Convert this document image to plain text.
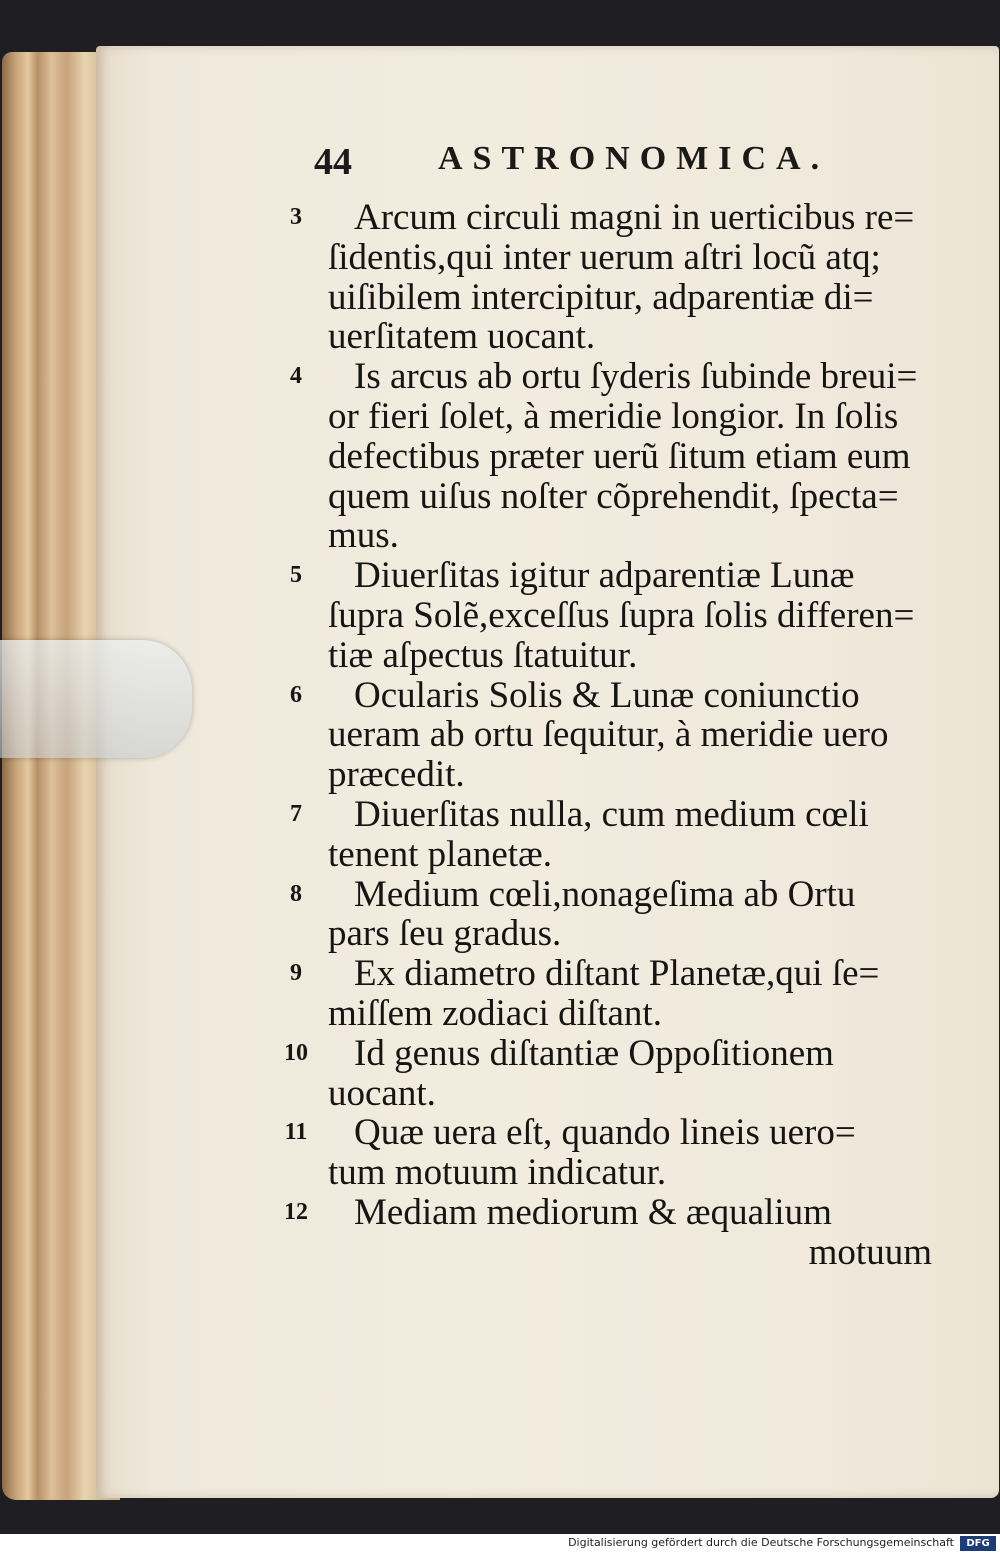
44	ASTRONOMICA.
3	Arcum circuli magni in uerticibus re=
ſidentis,qui inter uerum aſtri locũ atq;
uiſibilem intercipitur, adparentiæ di=
uerſitatem uocant.
4	Is arcus ab ortu ſyderis ſubinde breui=
or fieri ſolet, à meridie longior. In ſolis
defectibus præter uerũ ſitum etiam eum
quem uiſus noſter cõprehendit, ſpecta=
mus.
5	Diuerſitas igitur adparentiæ Lunæ
ſupra Solẽ,exceſſus ſupra ſolis differen=
tiæ aſpectus ſtatuitur.
6	Ocularis Solis & Lunæ coniunctio
ueram ab ortu ſequitur, à meridie uero
præcedit.
7	Diuerſitas nulla, cum medium cœli
tenent planetæ.
8	Medium cœli,nonageſima ab Ortu
pars ſeu gradus.
9	Ex diametro diſtant Planetæ,qui ſe=
miſſem zodiaci diſtant.
10	Id genus diſtantiæ Oppoſitionem
uocant.
11	Quæ uera eſt, quando lineis uero=
tum motuum indicatur.
12	Mediam mediorum & æqualium
motuum
Digitalisierung gefördert durch die Deutsche Forschungsgemeinschaft	DFG
